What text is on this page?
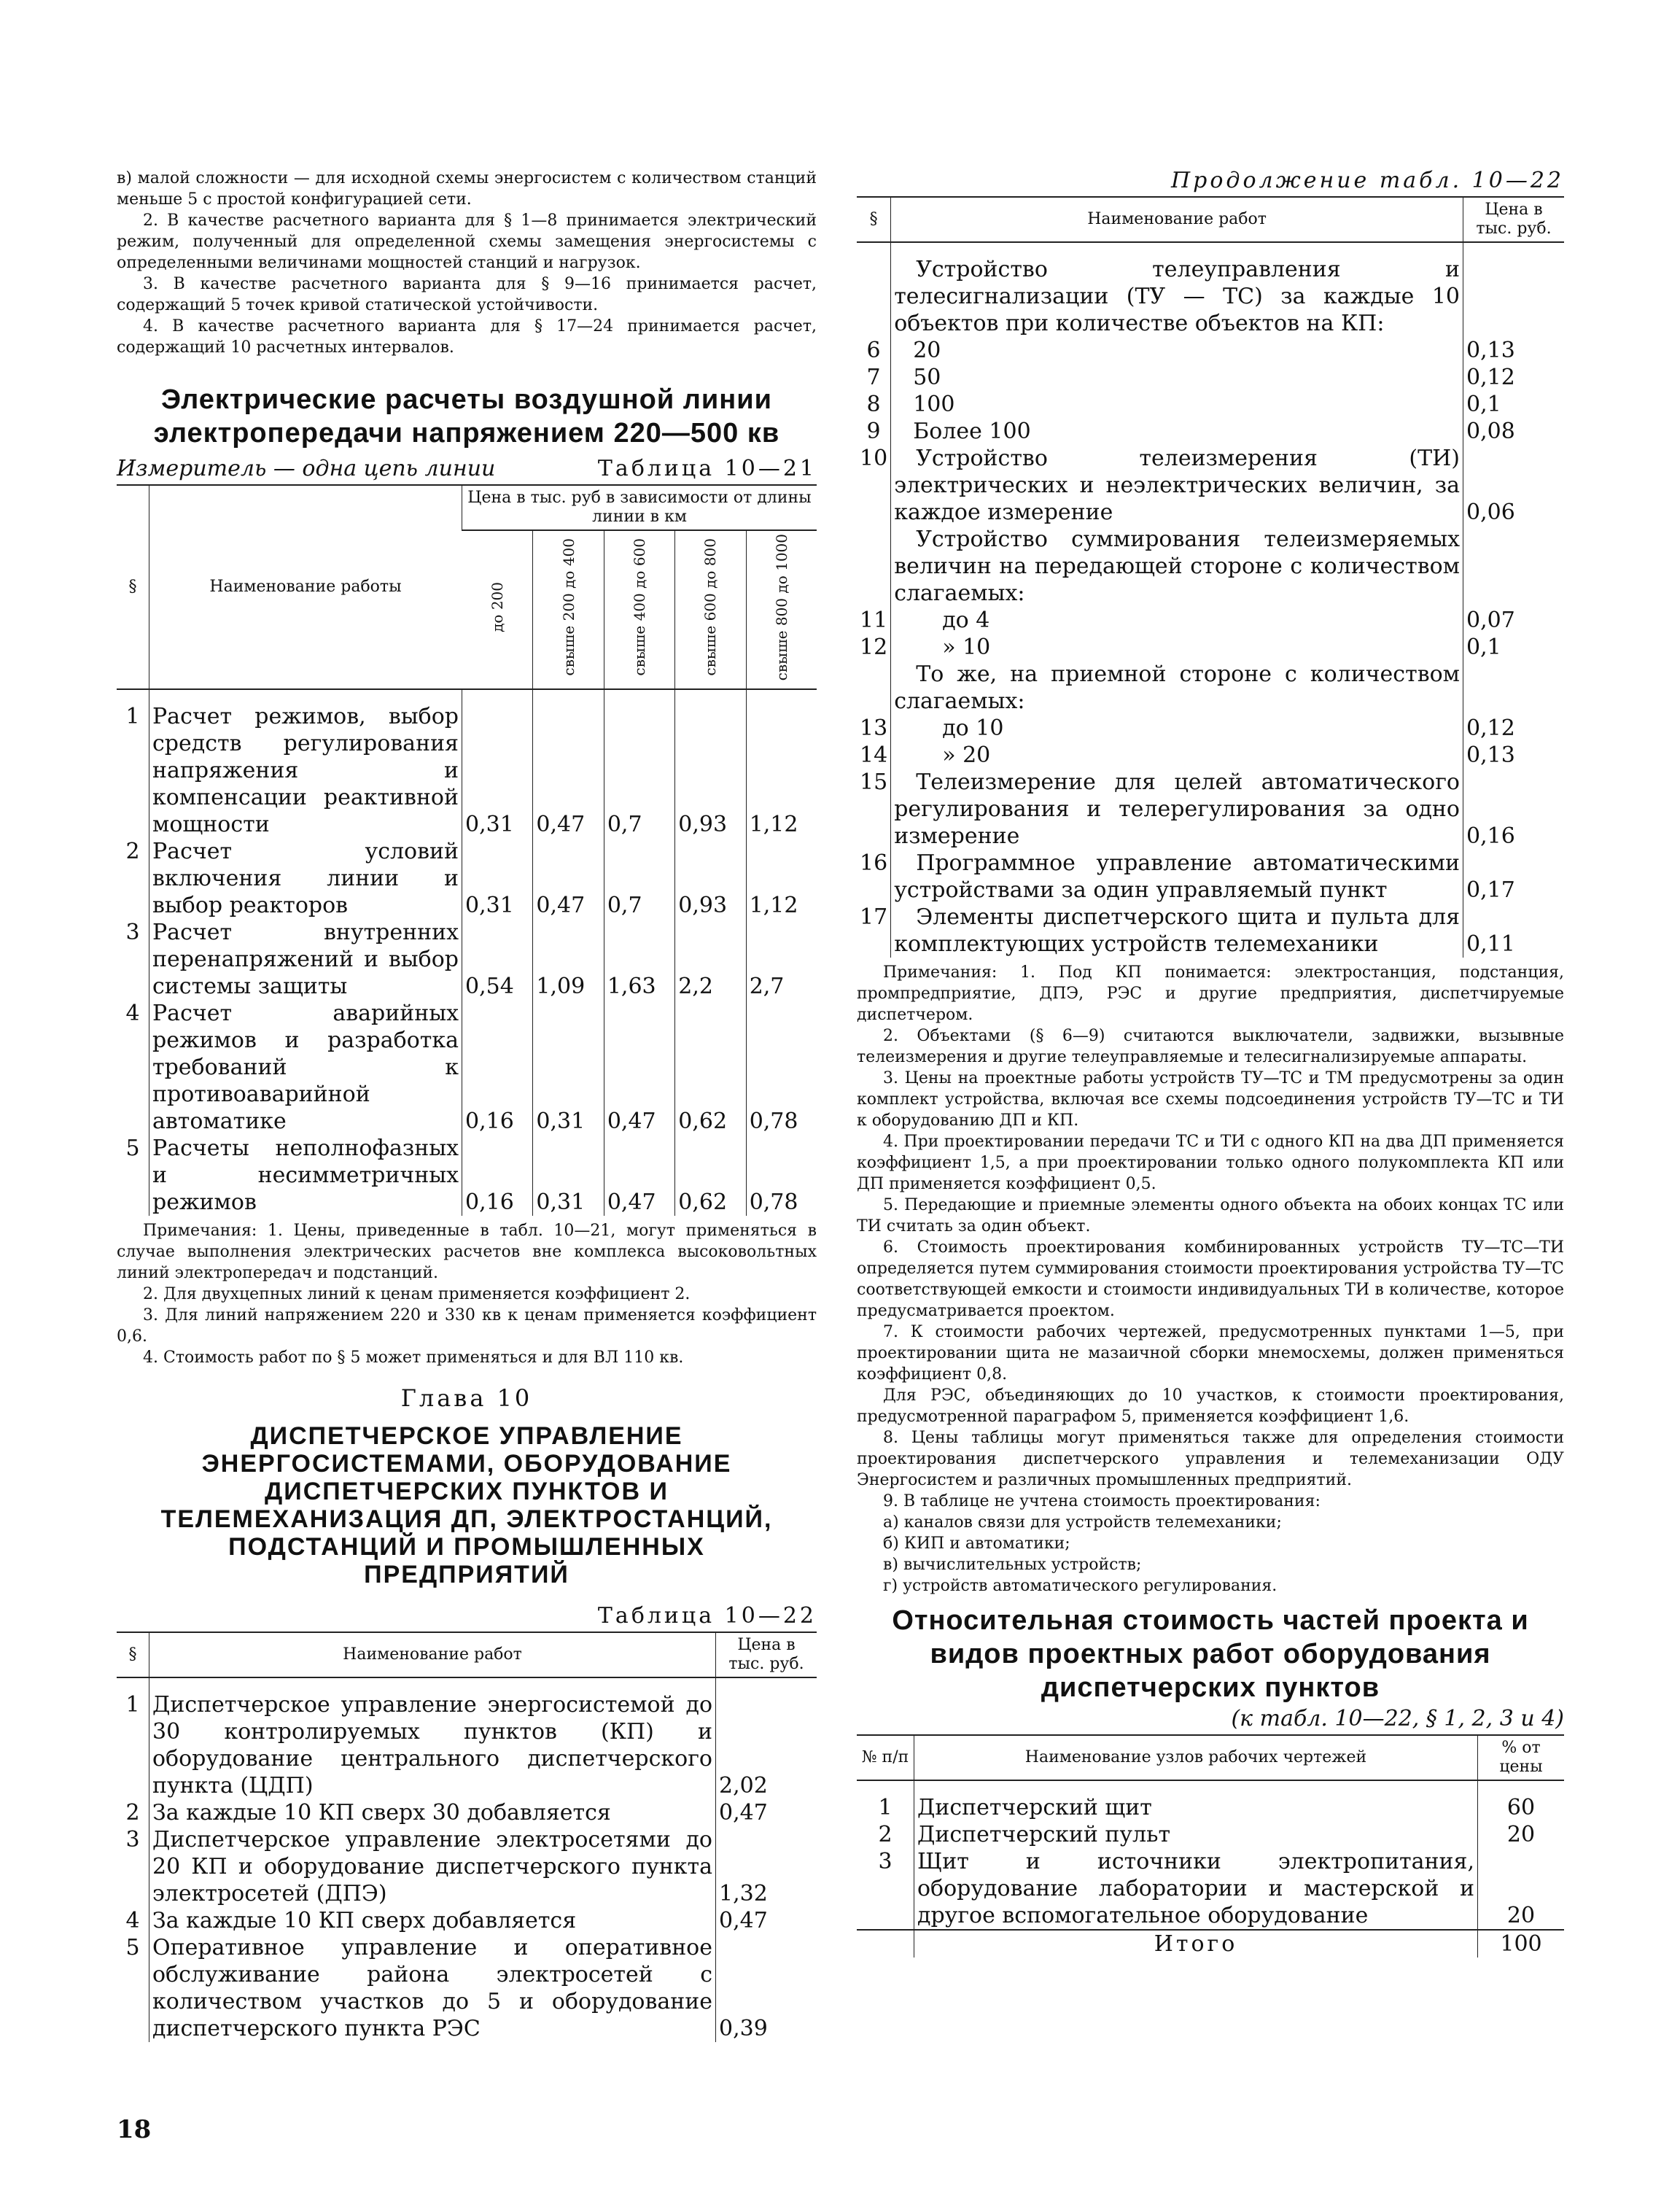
в) малой сложности — для исходной схемы энергосистем с количеством станций меньше 5 с простой конфигурацией сети.

2. В качестве расчетного варианта для § 1—8 принимается электрический режим, полученный для определенной схемы замещения энергосистемы с определенными величинами мощностей станций и нагрузок.

3. В качестве расчетного варианта для § 9—16 принимается расчет, содержащий 5 точек кривой статической устойчивости.

4. В качестве расчетного варианта для § 17—24 принимается расчет, содержащий 10 расчетных интервалов.

Электрические расчеты воздушной линии электропередачи напряжением 220—500 кв
Измеритель — одна цепь линии	Таблица 10—21
§	Наименование работы	Цена в тыс. руб в зависимости от длины линии в км				
		до 200	свыше 200 до 400	свыше 400 до 600	свыше 600 до 800	свыше 800 до 1000

1	Расчет режимов, выбор средств регулирования напряжения и компенсации реактивной мощности	0,31	0,47	0,7	0,93	1,12
2	Расчет условий включения линии и выбор реакторов	0,31	0,47	0,7	0,93	1,12
3	Расчет внутренних перенапряжений и выбор системы защиты	0,54	1,09	1,63	2,2	2,7
4	Расчет аварийных режимов и разработка требований к противоаварийной автоматике	0,16	0,31	0,47	0,62	0,78
5	Расчеты неполнофазных и несимметричных режимов	0,16	0,31	0,47	0,62	0,78

Примечания: 1. Цены, приведенные в табл. 10—21, могут применяться в случае выполнения электрических расчетов вне комплекса высоковольтных линий электропередач и подстанций.

2. Для двухцепных линий к ценам применяется коэффициент 2.

3. Для линий напряжением 220 и 330 кв к ценам применяется коэффициент 0,6.

4. Стоимость работ по § 5 может применяться и для ВЛ 110 кв.

Глава 10

ДИСПЕТЧЕРСКОЕ УПРАВЛЕНИЕ ЭНЕРГОСИСТЕМАМИ, ОБОРУДОВАНИЕ ДИСПЕТЧЕРСКИХ ПУНКТОВ И ТЕЛЕМЕХАНИЗАЦИЯ ДП, ЭЛЕКТРОСТАНЦИЙ, ПОДСТАНЦИЙ И ПРОМЫШЛЕННЫХ ПРЕДПРИЯТИЙ

Таблица 10—22

§	Наименование работ	Цена в тыс. руб.

1	Диспетчерское управление энергосистемой до 30 контролируемых пунктов (КП) и оборудование центрального диспетчерского пункта (ЦДП)	2,02
2	За каждые 10 КП сверх 30 добавляется	0,47
3	Диспетчерское управление электросетями до 20 КП и оборудование диспетчерского пункта электросетей (ДПЭ)	1,32
4	За каждые 10 КП сверх добавляется	0,47
5	Оперативное управление и оперативное обслуживание района электросетей с количеством участков до 5 и оборудование диспетчерского пункта РЭС	0,39

Продолжение табл. 10—22

§	Наименование работ	Цена в тыс. руб.

	Устройство телеуправления и телесигнализации (ТУ — ТС) за каждые 10 объектов при количестве объектов на КП:	
6	20	0,13
7	50	0,12
8	100	0,1
9	Более 100	0,08
10	Устройство телеизмерения (ТИ) электрических и неэлектрических величин, за каждое измерение	0,06
	Устройство суммирования телеизмеряемых величин на передающей стороне с количеством слагаемых:	
11	до 4	0,07
12	» 10	0,1
	То же, на приемной стороне с количеством слагаемых:	
13	до 10	0,12
14	» 20	0,13
15	Телеизмерение для целей автоматического регулирования и телерегулирования за одно измерение	0,16
16	Программное управление автоматическими устройствами за один управляемый пункт	0,17
17	Элементы диспетчерского щита и пульта для комплектующих устройств телемеханики	0,11

Примечания: 1. Под КП понимается: электростанция, подстанция, промпредприятие, ДПЭ, РЭС и другие предприятия, диспетчируемые диспетчером.

2. Объектами (§ 6—9) считаются выключатели, задвижки, вызывные телеизмерения и другие телеуправляемые и телесигнализируемые аппараты.

3. Цены на проектные работы устройств ТУ—ТС и ТМ предусмотрены за один комплект устройства, включая все схемы подсоединения устройств ТУ—ТС и ТИ к оборудованию ДП и КП.

4. При проектировании передачи ТС и ТИ с одного КП на два ДП применяется коэффициент 1,5, а при проектировании только одного полукомплекта КП или ДП применяется коэффициент 0,5.

5. Передающие и приемные элементы одного объекта на обоих концах ТС или ТИ считать за один объект.

6. Стоимость проектирования комбинированных устройств ТУ—ТС—ТИ определяется путем суммирования стоимости проектирования устройства ТУ—ТС соответствующей емкости и стоимости индивидуальных ТИ в количестве, которое предусматривается проектом.

7. К стоимости рабочих чертежей, предусмотренных пунктами 1—5, при проектировании щита не мазаичной сборки мнемосхемы, должен применяться коэффициент 0,8.

Для РЭС, объединяющих до 10 участков, к стоимости проектирования, предусмотренной параграфом 5, применяется коэффициент 1,6.

8. Цены таблицы могут применяться также для определения стоимости проектирования диспетчерского управления и телемеханизации ОДУ Энергосистем и различных промышленных предприятий.

9. В таблице не учтена стоимость проектирования:

а) каналов связи для устройств телемеханики;

б) КИП и автоматики;

в) вычислительных устройств;

г) устройств автоматического регулирования.

Относительная стоимость частей проекта и видов проектных работ оборудования диспетчерских пунктов

(к табл. 10—22, § 1, 2, 3 и 4)

№ п/п	Наименование узлов рабочих чертежей	% от цены

1	Диспетчерский щит	60
2	Диспетчерский пульт	20
3	Щит и источники электропитания, оборудование лаборатории и мастерской и другое вспомогательное оборудование	20
	Итого	100
18
